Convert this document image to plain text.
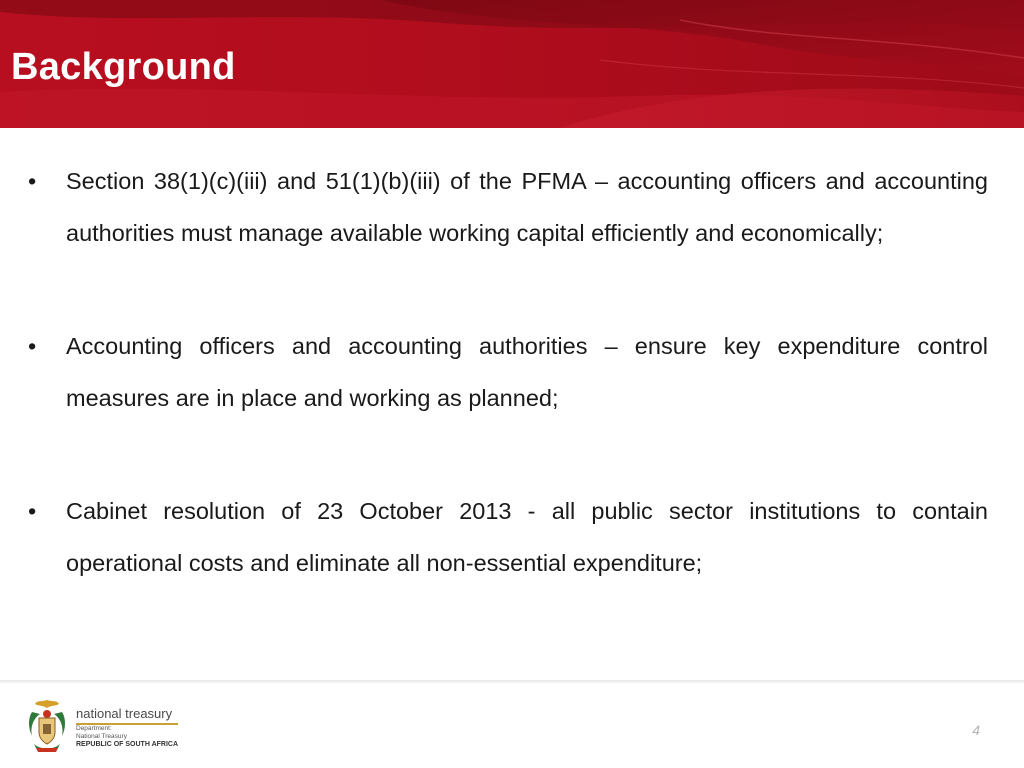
Background

• Section 38(1)(c)(iii) and 51(1)(b)(iii) of the PFMA – accounting officers and accounting authorities must manage available working capital efficiently and economically;

• Accounting officers and accounting authorities – ensure key expenditure control measures are in place and working as planned;

• Cabinet resolution of 23 October 2013 - all public sector institutions to contain operational costs and eliminate all non-essential expenditure;

national treasury
Department:
National Treasury
REPUBLIC OF SOUTH AFRICA
4
